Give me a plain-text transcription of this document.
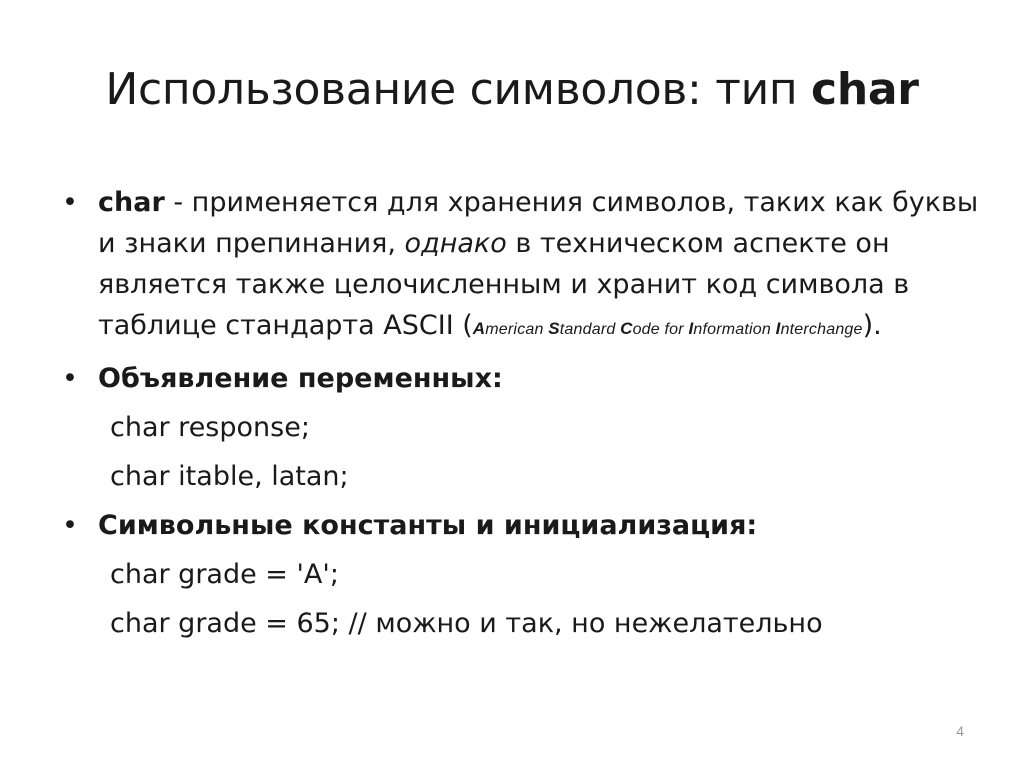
Использование символов: тип char

• char - применяется для хранения символов, таких как буквы и знаки препинания, однако в техническом аспекте он является также целочисленным и хранит код символа в таблице стандарта ASCII (American Standard Code for Information Interchange).

• Объявление переменных:

char response;
char itable, latan;

• Символьные константы и инициализация:

char grade = 'A';
char grade = 65; // можно и так, но нежелательно
4
